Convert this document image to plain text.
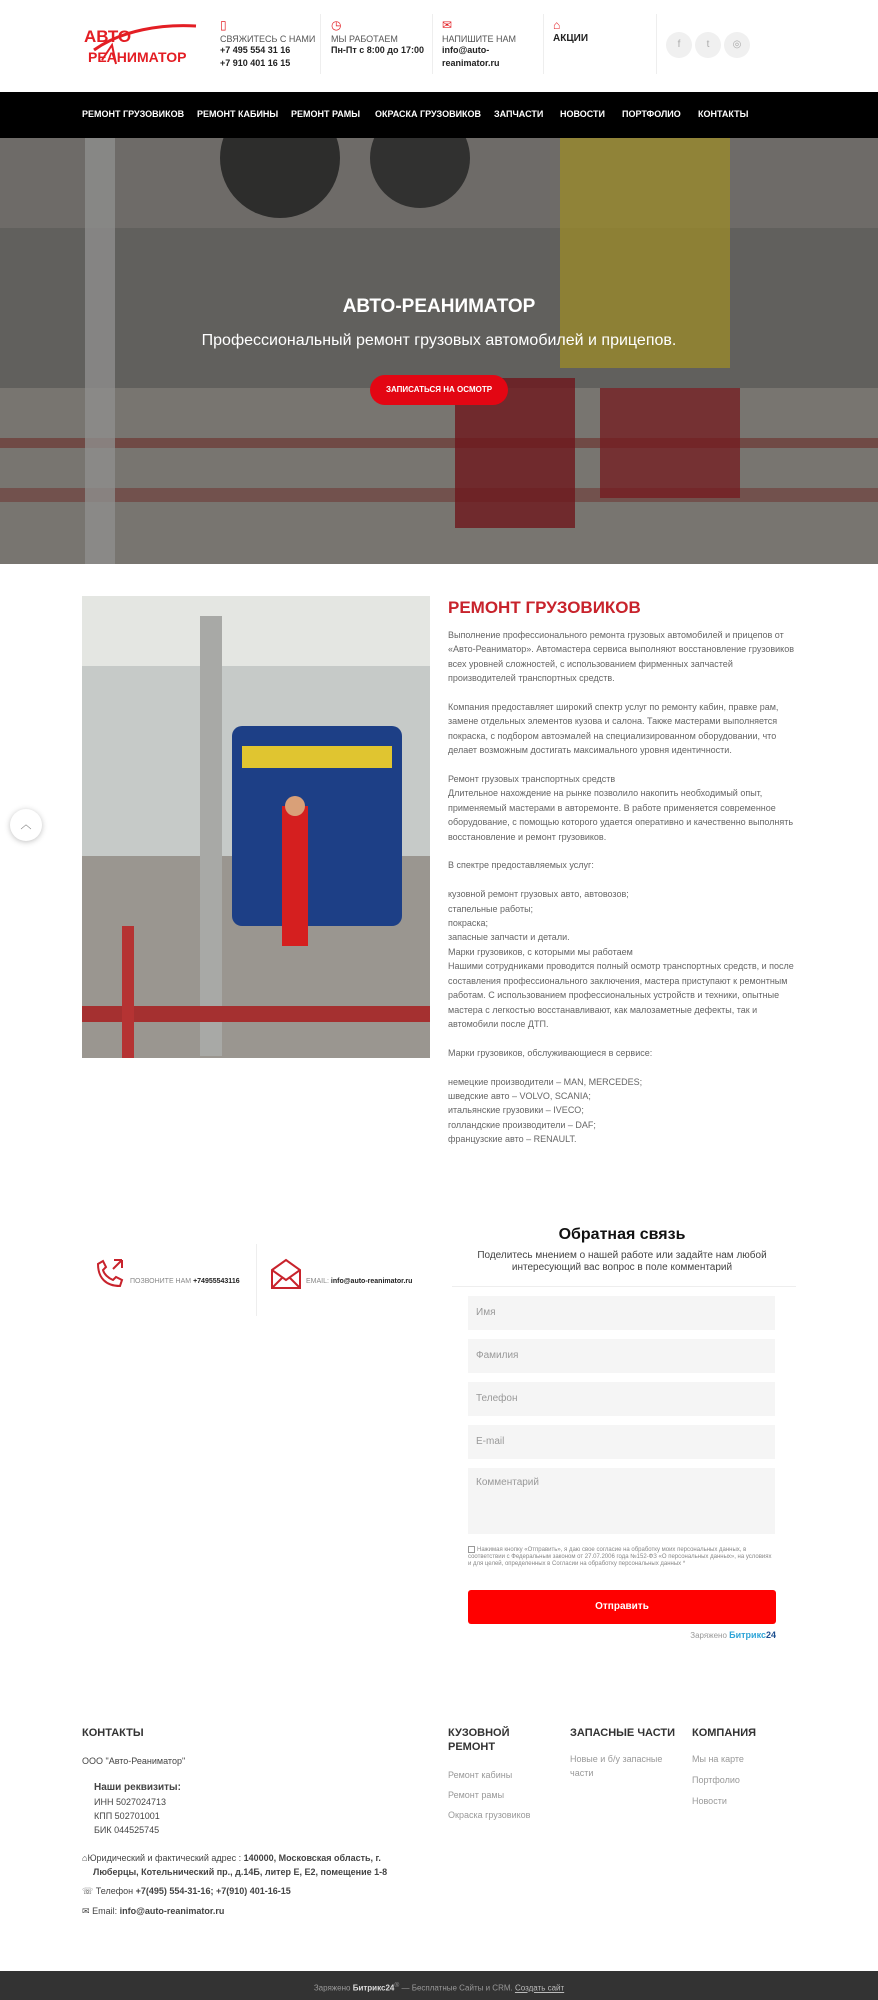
АВТО
РЕАНИМАТОР
▯
СВЯЖИТЕСЬ С НАМИ
+7 495 554 31 16
+7 910 401 16 15
◷
МЫ РАБОТАЕМ
Пн-Пт с 8:00 до 17:00
✉
НАПИШИТЕ НАМ
info@auto-
reanimator.ru
⌂
АКЦИИ
f	t	◎
РЕМОНТ ГРУЗОВИКОВ РЕМОНТ КАБИНЫ РЕМОНТ РАМЫ ОКРАСКА ГРУЗОВИКОВ ЗАПЧАСТИ НОВОСТИ ПОРТФОЛИО КОНТАКТЫ
АВТО-РЕАНИМАТОР
Профессиональный ремонт грузовых автомобилей и прицепов.
ЗАПИСАТЬСЯ НА ОСМОТР
РЕМОНТ ГРУЗОВИКОВ

Выполнение профессионального ремонта грузовых автомобилей и прицепов от «Авто-Реаниматор». Автомастера сервиса выполняют восстановление грузовиков всех уровней сложностей, с использованием фирменных запчастей производителей транспортных средств.

Компания предоставляет широкий спектр услуг по ремонту кабин, правке рам, замене отдельных элементов кузова и салона. Также мастерами выполняется покраска, с подбором автоэмалей на специализированном оборудовании, что делает возможным достигать максимального уровня идентичности.

Ремонт грузовых транспортных средств

Длительное нахождение на рынке позволило накопить необходимый опыт, применяемый мастерами в авторемонте. В работе применяется современное оборудование, с помощью которого удается оперативно и качественно выполнять восстановление и ремонт грузовиков.

В спектре предоставляемых услуг:

кузовной ремонт грузовых авто, автовозов;

стапельные работы;

покраска;

запасные запчасти и детали.

Марки грузовиков, с которыми мы работаем

Нашими сотрудниками проводится полный осмотр транспортных средств, и после составления профессионального заключения, мастера приступают к ремонтным работам. С использованием профессиональных устройств и техники, опытные мастера с легкостью восстанавливают, как малозаметные дефекты, так и автомобили после ДТП.

Марки грузовиков, обслуживающиеся в сервисе:

немецкие производители – MAN, MERCEDES;

шведские авто – VOLVO, SCANIA;

итальянские грузовики – IVECO;

голландские производители – DAF;

французские авто – RENAULT.

︿
ПОЗВОНИТЕ НАМ +74955543116	EMAIL: info@auto-reanimator.ru
Обратная связь
Поделитесь мнением о нашей работе или задайте нам любой интересующий вас вопрос в поле комментарий
Имя
Фамилия
Телефон
E-mail
Комментарий
Нажимая кнопку «Отправить», я даю свое согласие на обработку моих персональных данных, в соответствии с Федеральным законом от 27.07.2006 года №152-ФЗ «О персональных данных», на условиях и для целей, определенных в Согласии на обработку персональных данных *
Отправить
Заряжено Битрикс24
КОНТАКТЫ
ООО "Авто-Реаниматор"
Наши реквизиты:
ИНН 5027024713
КПП 502701001
БИК 044525745
⌂Юридический и фактический адрес : 140000, Московская область, г.
Люберцы, Котельнический пр., д.14Б, литер Е, Е2, помещение 1-8
☏ Телефон +7(495) 554-31-16; +7(910) 401-16-15
✉ Email: info@auto-reanimator.ru
КУЗОВНОЙ
РЕМОНТ
Ремонт кабины
Ремонт рамы
Окраска грузовиков
ЗАПАСНЫЕ ЧАСТИ
Новые и б/у запасные
части
КОМПАНИЯ
Мы на карте
Портфолио
Новости
Заряжено Битрикс24® — Бесплатные Сайты и CRM. Создать сайт
